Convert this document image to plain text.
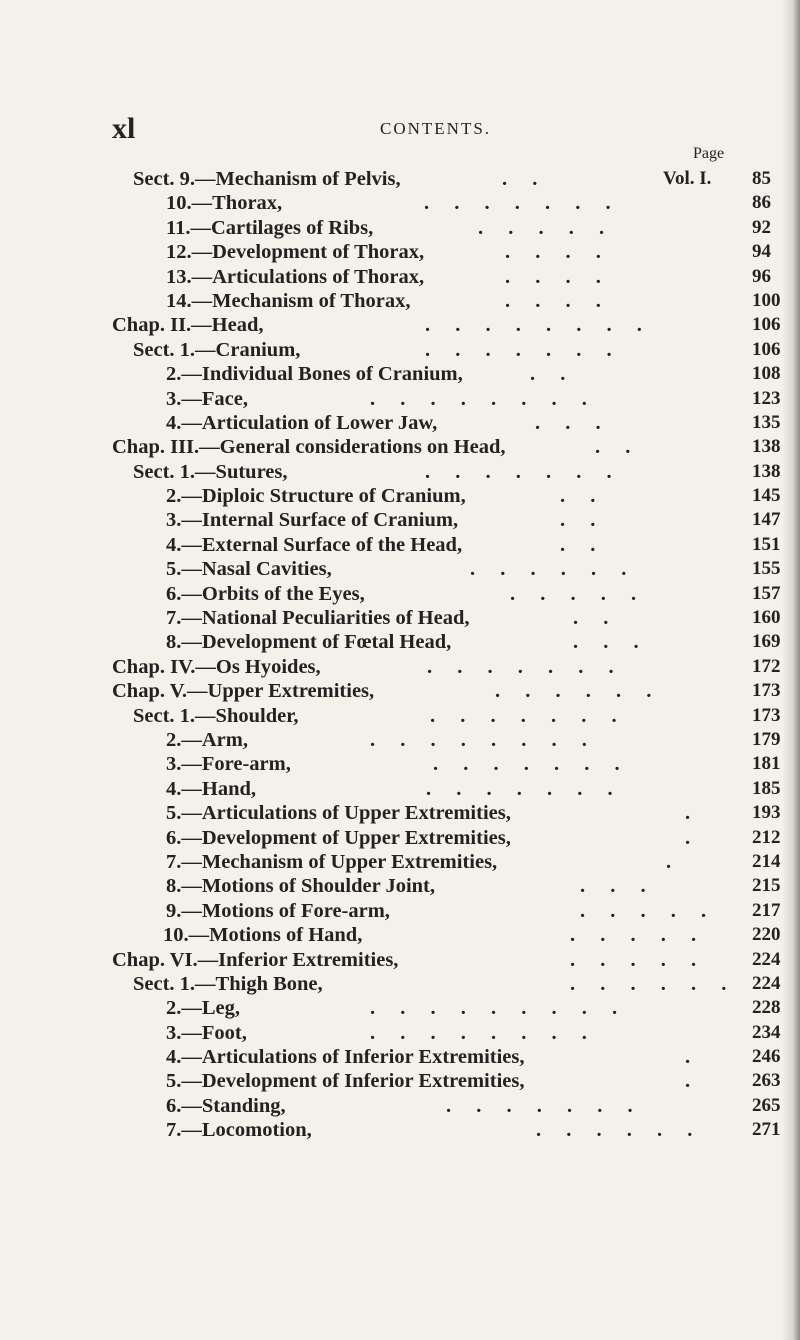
xl	CONTENTS.
Page
Sect. 9.—Mechanism of Pelvis,	. .	Vol. I. 85
10.—Thorax,	. . . . . . .	86
11.—Cartilages of Ribs,	. . . . .	92
12.—Development of Thorax,	. . . .	94
13.—Articulations of Thorax,	. . . .	96
14.—Mechanism of Thorax,	. . . .	100
Chap. II.—Head,	. . . . . . . .	106
Sect. 1.—Cranium,	. . . . . . .	106
2.—Individual Bones of Cranium,	. .	108
3.—Face,	. . . . . . . .	123
4.—Articulation of Lower Jaw,	. . .	135
Chap. III.—General considerations on Head,	. .	138
Sect. 1.—Sutures,	. . . . . . .	138
2.—Diploic Structure of Cranium,	. .	145
3.—Internal Surface of Cranium,	. .	147
4.—External Surface of the Head,	. .	151
5.—Nasal Cavities,	. . . . . .	155
6.—Orbits of the Eyes,	. . . . .	157
7.—National Peculiarities of Head,	. .	160
8.—Development of Fœtal Head,	. . .	169
Chap. IV.—Os Hyoides,	. . . . . . .	172
Chap. V.—Upper Extremities,	. . . . . .	173
Sect. 1.—Shoulder,	. . . . . . .	173
2.—Arm,	. . . . . . . .	179
3.—Fore-arm,	. . . . . . .	181
4.—Hand,	. . . . . . .	185
5.—Articulations of Upper Extremities,	.	193
6.—Development of Upper Extremities,	.	212
7.—Mechanism of Upper Extremities,	.	214
8.—Motions of Shoulder Joint,	. . .	215
9.—Motions of Fore-arm,	. . . . . 217
10.—Motions of Hand,	. . . . . 220
Chap. VI.—Inferior Extremities,	. . . . . 224
Sect. 1.—Thigh Bone,	. . . . . . 224
2.—Leg,	. . . . . . . . .	228
3.—Foot,	. . . . . . . .	234
4.—Articulations of Inferior Extremities,	.	246
5.—Development of Inferior Extremities,	.	263
6.—Standing,	. . . . . . .	265
7.—Locomotion,	. . . . . .	271
